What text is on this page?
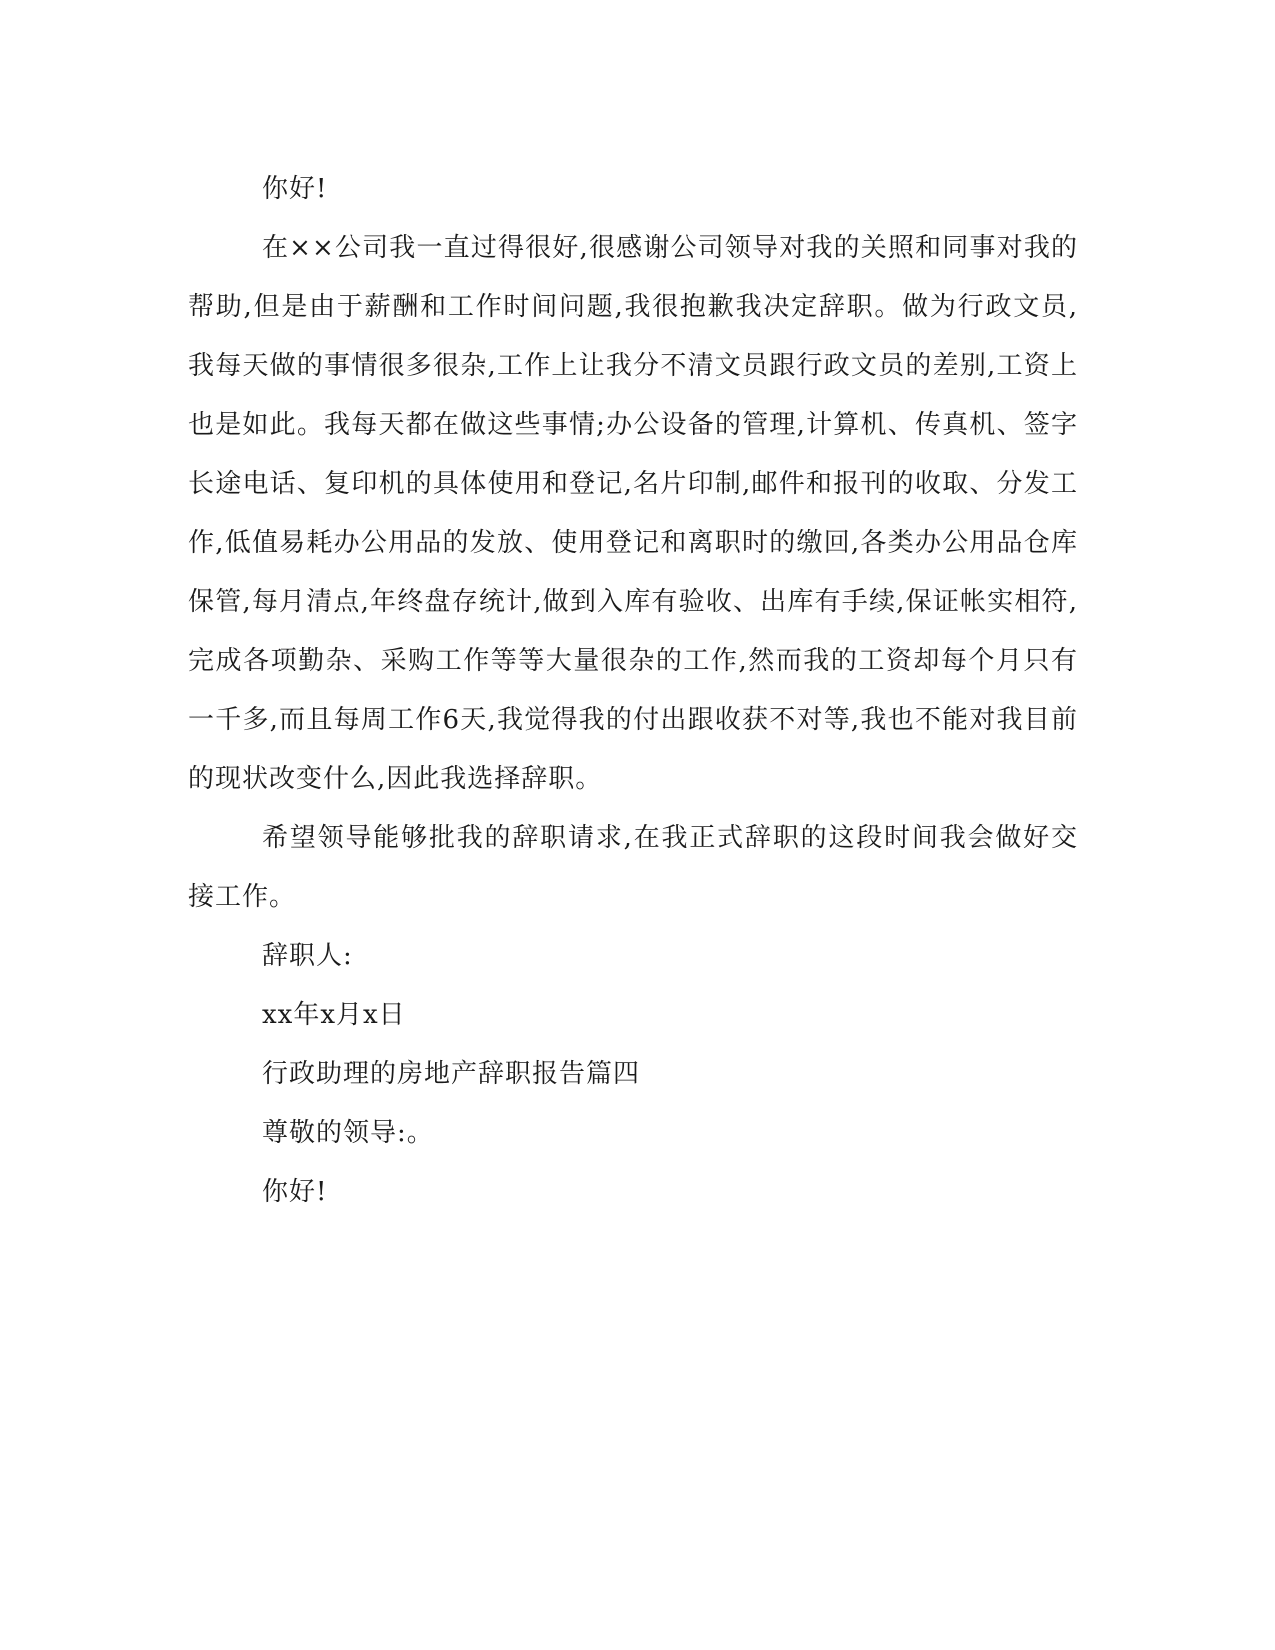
你好!

在××公司我一直过得很好,很感谢公司领导对我的关照和同事对我的帮助,但是由于薪酬和工作时间问题,我很抱歉我决定辞职。做为行政文员,我每天做的事情很多很杂,工作上让我分不清文员跟行政文员的差别,工资上也是如此。我每天都在做这些事情;办公设备的管理,计算机、传真机、签字长途电话、复印机的具体使用和登记,名片印制,邮件和报刊的收取、分发工作,低值易耗办公用品的发放、使用登记和离职时的缴回,各类办公用品仓库保管,每月清点,年终盘存统计,做到入库有验收、出库有手续,保证帐实相符,完成各项勤杂、采购工作等等大量很杂的工作,然而我的工资却每个月只有一千多,而且每周工作6天,我觉得我的付出跟收获不对等,我也不能对我目前的现状改变什么,因此我选择辞职。

希望领导能够批我的辞职请求,在我正式辞职的这段时间我会做好交接工作。

辞职人:
xx年x月x日
行政助理的房地产辞职报告篇四
尊敬的领导:。
你好!
